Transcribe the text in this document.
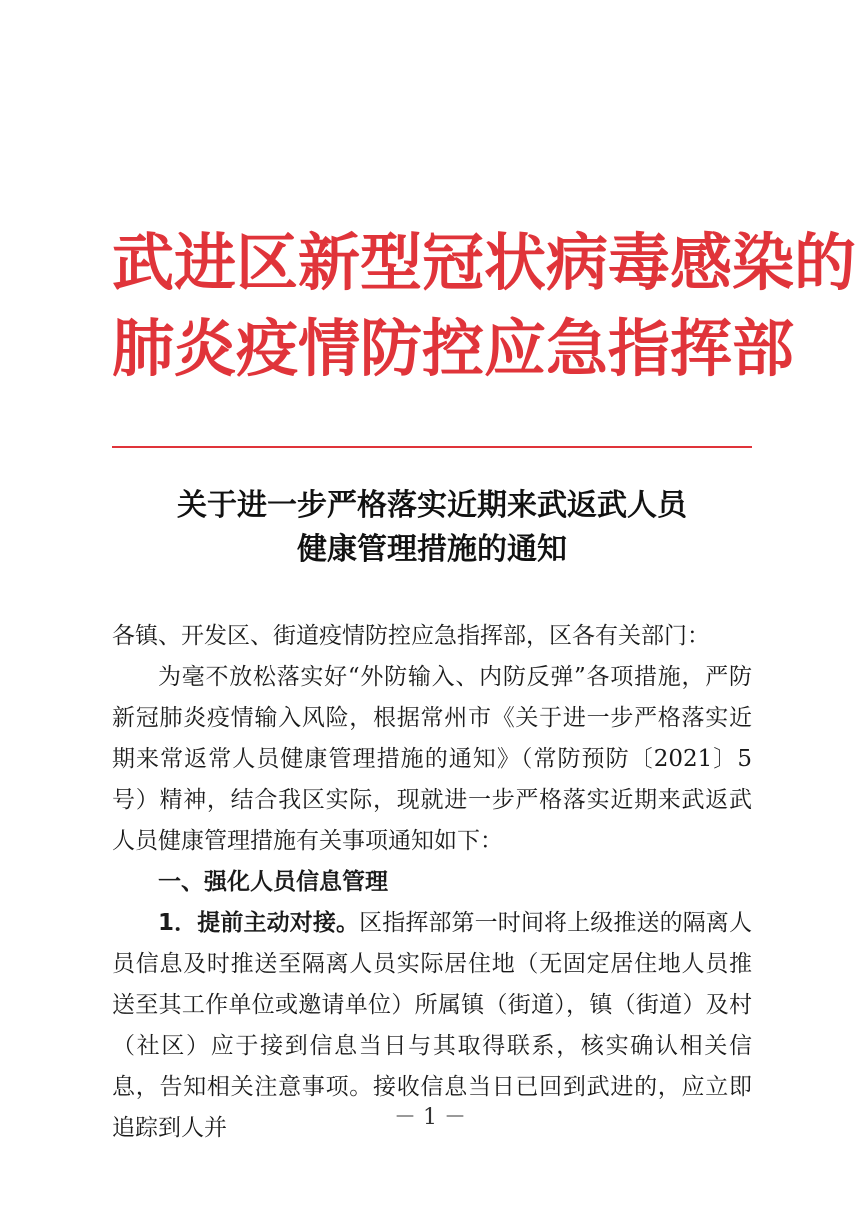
武进区新型冠状病毒感染的
肺炎疫情防控应急指挥部
关于进一步严格落实近期来武返武人员
健康管理措施的通知

各镇、开发区、街道疫情防控应急指挥部，区各有关部门：

为毫不放松落实好“外防输入、内防反弹”各项措施，严防新冠肺炎疫情输入风险，根据常州市《关于进一步严格落实近期来常返常人员健康管理措施的通知》（常防预防〔2021〕5 号）精神，结合我区实际，现就进一步严格落实近期来武返武人员健康管理措施有关事项通知如下：

一、强化人员信息管理

1．提前主动对接。区指挥部第一时间将上级推送的隔离人员信息及时推送至隔离人员实际居住地（无固定居住地人员推送至其工作单位或邀请单位）所属镇（街道），镇（街道）及村（社区）应于接到信息当日与其取得联系，核实确认相关信息，告知相关注意事项。接收信息当日已回到武进的，应立即追踪到人并	－ 1 －
